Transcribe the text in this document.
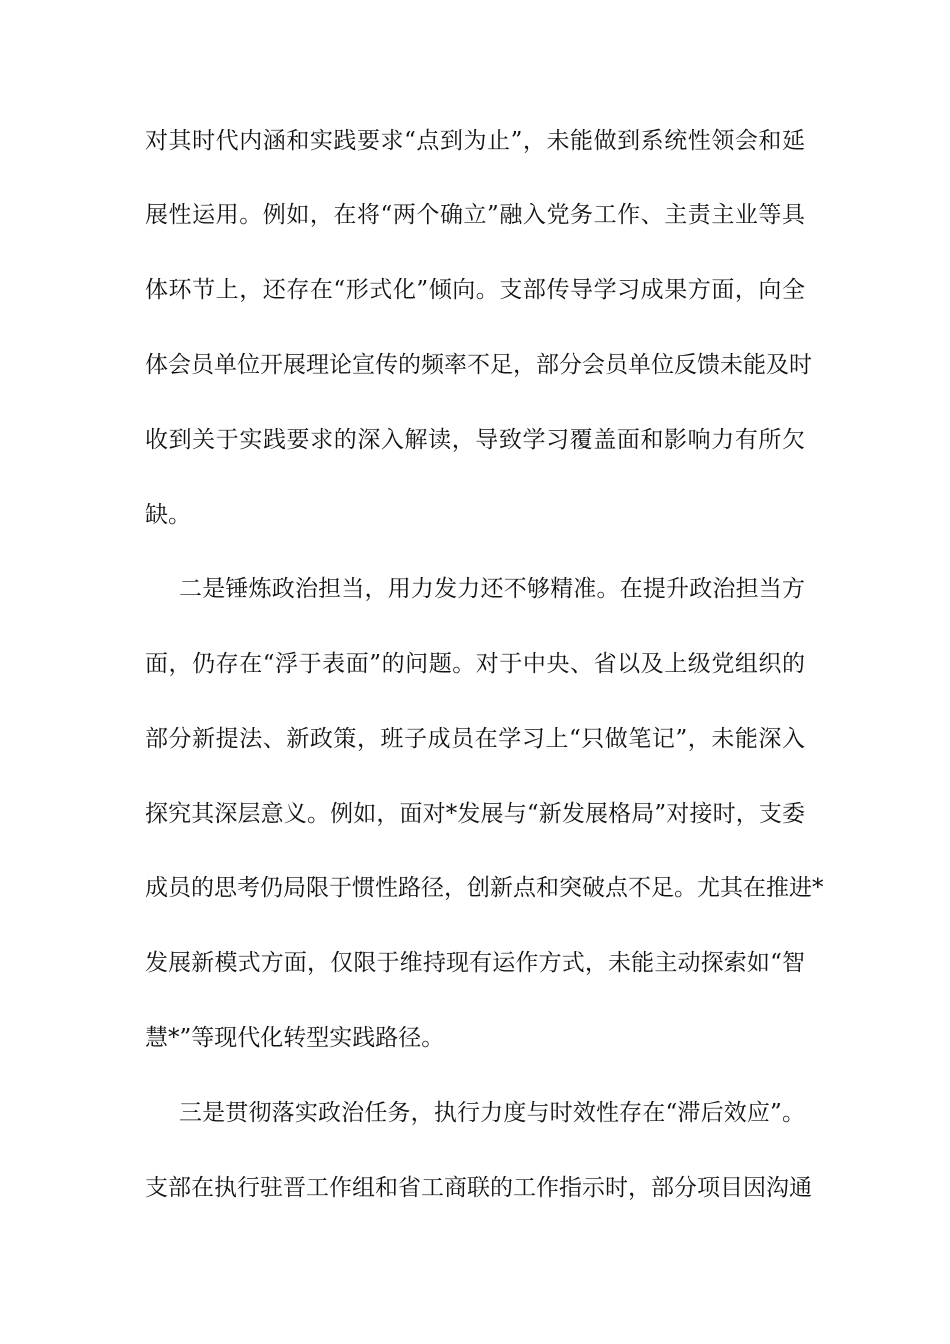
对其时代内涵和实践要求“点到为止”，未能做到系统性领会和延
展性运用。例如，在将“两个确立”融入党务工作、主责主业等具
体环节上，还存在“形式化”倾向。支部传导学习成果方面，向全
体会员单位开展理论宣传的频率不足，部分会员单位反馈未能及时
收到关于实践要求的深入解读，导致学习覆盖面和影响力有所欠
缺。
二是锤炼政治担当，用力发力还不够精准。在提升政治担当方
面，仍存在“浮于表面”的问题。对于中央、省以及上级党组织的
部分新提法、新政策，班子成员在学习上“只做笔记”，未能深入
探究其深层意义。例如，面对*发展与“新发展格局”对接时，支委
成员的思考仍局限于惯性路径，创新点和突破点不足。尤其在推进*
发展新模式方面，仅限于维持现有运作方式，未能主动探索如“智
慧*”等现代化转型实践路径。
三是贯彻落实政治任务，执行力度与时效性存在“滞后效应”。
支部在执行驻晋工作组和省工商联的工作指示时，部分项目因沟通
